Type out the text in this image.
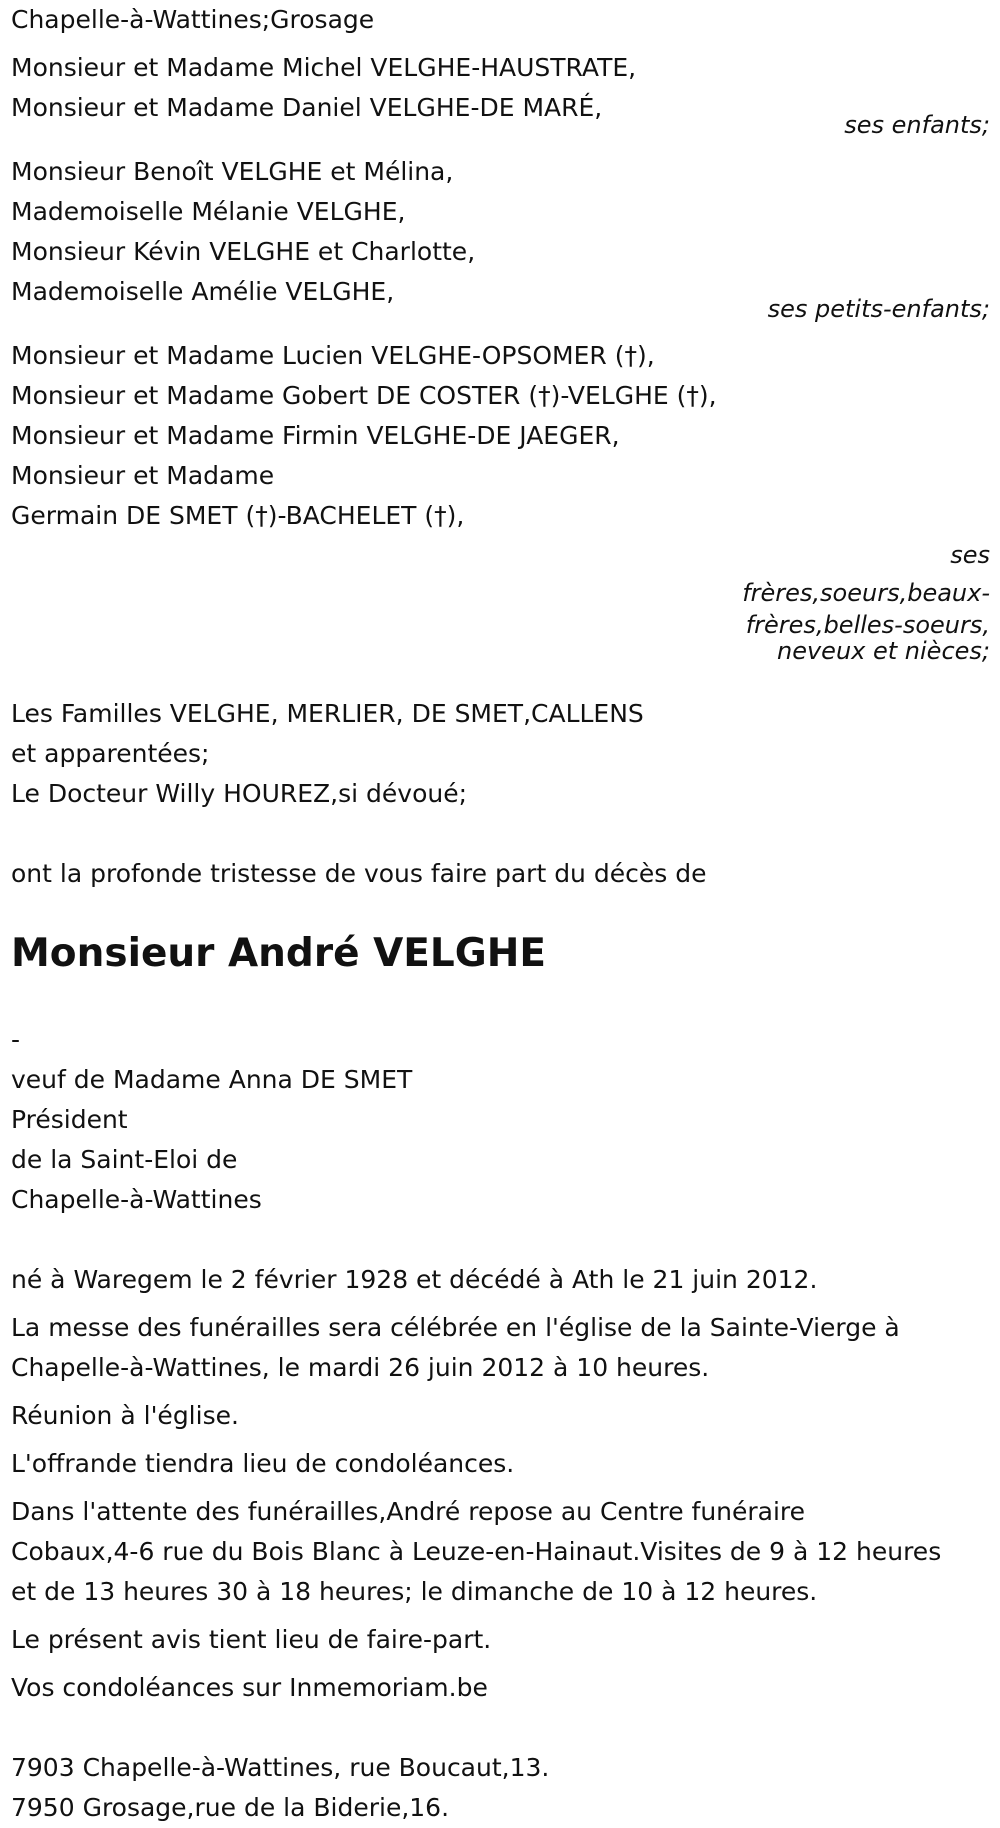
Chapelle-à-Wattines;Grosage
Monsieur et Madame Michel VELGHE-HAUSTRATE,
Monsieur et Madame Daniel VELGHE-DE MARÉ,
ses enfants;
Monsieur Benoît VELGHE et Mélina,
Mademoiselle Mélanie VELGHE,
Monsieur Kévin VELGHE et Charlotte,
Mademoiselle Amélie VELGHE,
ses petits-enfants;
Monsieur et Madame Lucien VELGHE-OPSOMER (†),
Monsieur et Madame Gobert DE COSTER (†)-VELGHE (†),
Monsieur et Madame Firmin VELGHE-DE JAEGER,
Monsieur et Madame
Germain DE SMET (†)-BACHELET (†),
ses
frères,soeurs,beaux-
frères,belles-soeurs,
neveux et nièces;
Les Familles VELGHE, MERLIER, DE SMET,CALLENS
et apparentées;
Le Docteur Willy HOUREZ,si dévoué;
ont la profonde tristesse de vous faire part du décès de
Monsieur André VELGHE
-
veuf de Madame Anna DE SMET
Président
de la Saint-Eloi de
Chapelle-à-Wattines
né à Waregem le 2 février 1928 et décédé à Ath le 21 juin 2012.
La messe des funérailles sera célébrée en l'église de la Sainte-Vierge à
Chapelle-à-Wattines, le mardi 26 juin 2012 à 10 heures.
Réunion à l'église.
L'offrande tiendra lieu de condoléances.
Dans l'attente des funérailles,André repose au Centre funéraire
Cobaux,4-6 rue du Bois Blanc à Leuze-en-Hainaut.Visites de 9 à 12 heures
et de 13 heures 30 à 18 heures; le dimanche de 10 à 12 heures.
Le présent avis tient lieu de faire-part.
Vos condoléances sur Inmemoriam.be
7903 Chapelle-à-Wattines, rue Boucaut,13.
7950 Grosage,rue de la Biderie,16.
